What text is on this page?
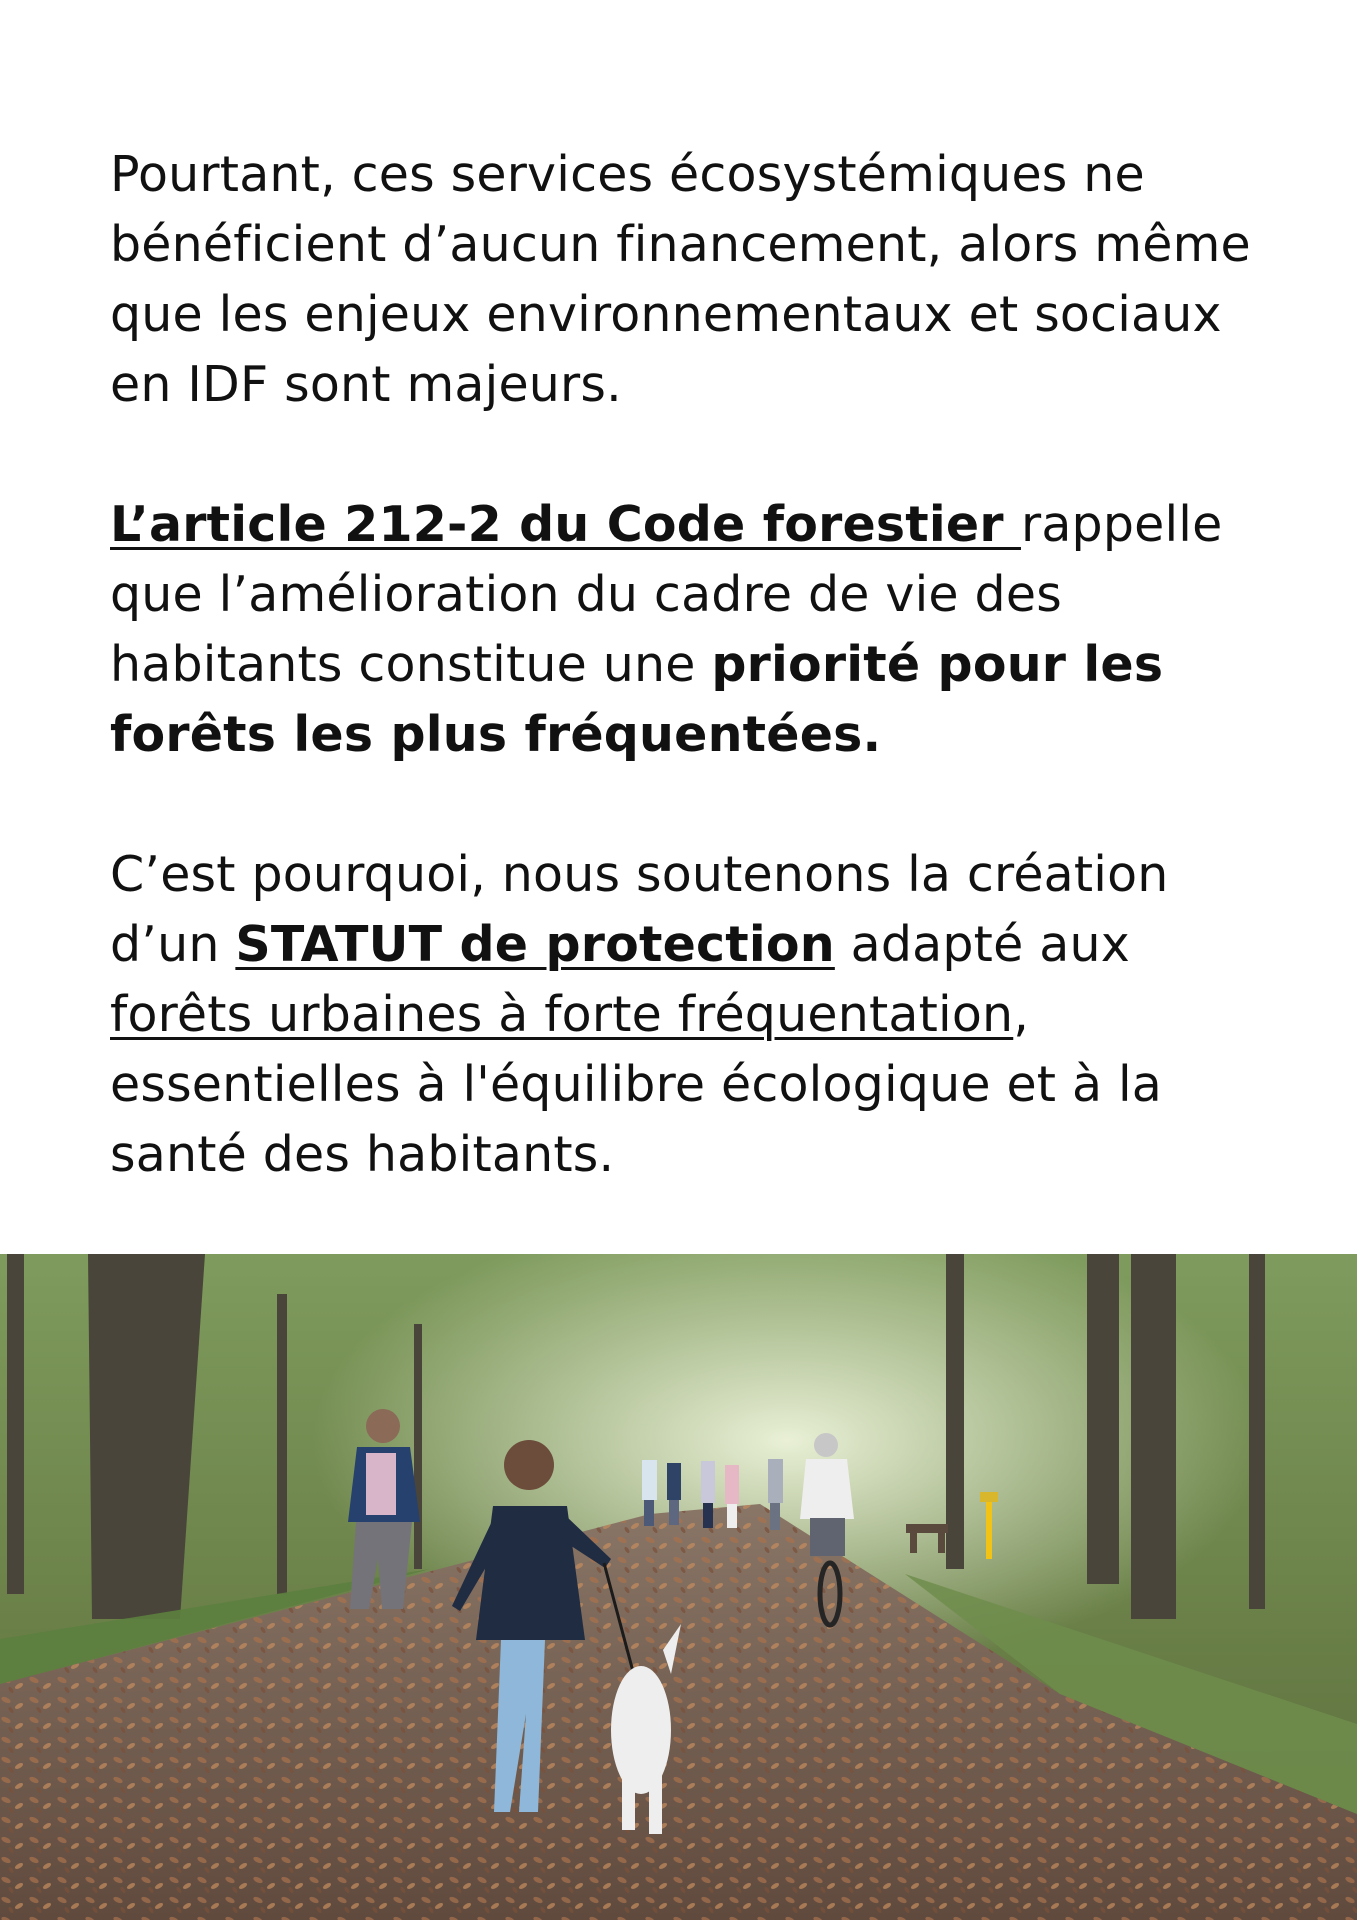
Pourtant, ces services écosystémiques ne bénéficient d’aucun financement, alors même que les enjeux environnementaux et sociaux en IDF sont majeurs.

L’article 212-2 du Code forestier rappelle que l’amélioration du cadre de vie des habitants constitue une priorité pour les forêts les plus fréquentées.

C’est pourquoi, nous soutenons la création d’un STATUT de protection adapté aux forêts urbaines à forte fréquentation, essentielles à l'équilibre écologique et à la santé des habitants.
